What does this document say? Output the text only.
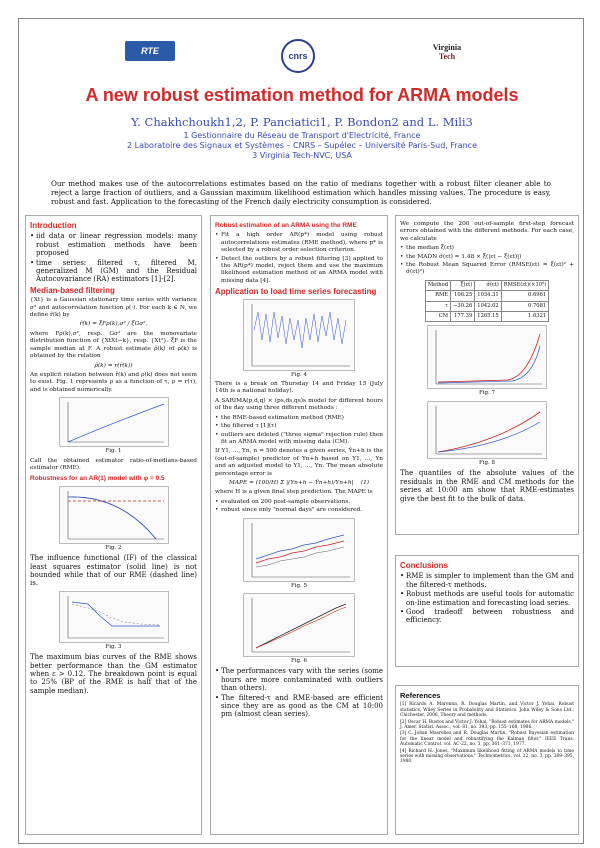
RTE	cnrs
Virginia
Tech
A new robust estimation method for ARMA models
Y. Chakhchoukh1,2, P. Panciatici1, P. Bondon2 and L. Mili3
1 Gestionnaire du Réseau de Transport d'Electricité, France
2 Laboratoire des Signaux et Systèmes – CNRS – Supélec – Université Paris-Sud, France
3 Virginia Tech-NVC, USA
Our method makes use of the autocorrelations estimates based on the ratio of medians together with a robust filter cleaner able to reject a large fraction of outliers, and a Gaussian maximum likelihood estimation which handles missing values. The procedure is easy, robust and fast. Application to the forecasting of the French daily electricity consumption is considered.
Introduction
• iid data or linear regression models: many robust estimation methods have been proposed
• time series: filtered τ, filtered M, generalized M (GM) and the Residual Autocovariance (RA) estimators [1]-[2].
Median-based filtering

{Xt} is a Gaussian stationary time series with variance σ² and autocorrelation function ρ(·). For each k ∈ N, we define r̃(k) by

r̃(k) = ξ̃Fρ(k),σ² / ξ̃Gσ²,

where Fρ(k),σ², resp. Gσ² are the monovariate distribution function of {XtXt−k}, resp. {Xt²}. ξ̃F is the sample median at F. A robust estimate ρ̂(k) of ρ(k) is obtained by the relation

ρ̂(k) = r(r̃(k))

An explicit relation between r̃(k) and ρ(k) does not seem to exist. Fig. 1 represents ρ as a function of τ, ρ = r(τ), and is obtained numerically.

Fig. 1

Call the obtained estimator ratio-of-medians-based estimator (RME).

Robustness for an AR(1) model with φ = 0.5
Fig. 2

The influence functional (IF) of the classical least squares estimator (solid line) is not bounded while that of our RME (dashed line) is.

Fig. 3

The maximum bias curves of the RME shows better performance than the GM estimator when ε > 0.12. The breakdown point is equal to 25% (BP of the RME is half that of the sample median).

Robust estimation of an ARMA using the RME
• Fit a high order AR(p*) model using robust autocorrelations estimates (RME method), where p* is selected by a robust order selection criterion.
• Detect the outliers by a robust filtering [3] applied to the AR(p*) model, reject them and use the maximum likelihood estimation method of an ARMA model with missing data [4].
Application to load time series forecasting
Fig. 4

There is a break on Thursday 14 and Friday 15 (July 14th is a national holiday).

A SARIMA(p,d,q) × (ps,ds,qs)s model for different hours of the day using three different methods :

• the RME-based estimation method (RME)
• the filtered τ [1](τ)
• outliers are deleted ("three sigma" rejection rule) then fit an ARMA model with missing data (CM).

If Y1, ..., Yn, n = 500 denotes a given series, Ŷn+h is the (out-of-sample) predictor of Yn+h based on Y1, ..., Yn and an adjusted model to Y1, ..., Yn. The mean absolute percentage error is

MAPE = (100/H) Σ |(Yn+h − Ŷn+h)/Yn+h| (1)

where H is a given final step prediction. The MAPE is

• evaluated on 200 post-sample observations.
• robust since only "normal days" are considered.
Fig. 5
Fig. 6
• The performances vary with the series (some hours are more contaminated with outliers than others).
• The filtered-τ and RME-based are efficient since they are as good as the CM at 10:00 pm (almost clean series).

We compute the 200 out-of-sample first-step forecast errors obtained with the different methods. For each case, we calculate

• the median ξ̃(εt)
• the MADN σ̃(εt) = 1.48 × ξ̃(|εt − ξ̃(εt)|)
• the Robust Mean Squared Error (RMSE(εt) = ξ̃(εt)² + σ̃(εt)²)
Method	ξ̃(εt)	σ̃(εt)	RMSE(εt)(×10⁶)
RME	106.25	1034.31	0.6961
τ	−30.26	1042.02	0.7081
CM	177.39	1265.15	1.6321
Fig. 7
Fig. 8

The quantiles of the absolute values of the residuals in the RME and CM methods for the series at 10:00 am show that RME-estimates give the best fit to the bulk of data.

Conclusions
• RME is simpler to implement than the GM and the filtered-τ methods.
• Robust methods are useful tools for automatic on-line estimation and forecasting load series.
• Good tradeoff between robustness and efficiency.
References
[1] Ricardo A. Maronna, R. Douglas Martin, and Victor J. Yohai, Robust statistics, Wiley Series in Probability and Statistics. John Wiley & Sons Ltd., Chichester, 2006, Theory and methods.
[2] Oscar H. Bustos and Victor J. Yohai, "Robust estimates for ARMA models," J. Amer. Statist. Assoc., vol. 81, no. 393, pp. 155–168, 1986.
[3] C. Johan Masreliez and R. Douglas Martin, "Robust Bayesian estimation for the linear model and robustifying the Kalman filter," IEEE Trans. Automatic Control, vol. AC-22, no. 3, pp. 361–371, 1977.
[4] Richard H. Jones, "Maximum likelihood fitting of ARMA models to time series with missing observations," Technometrics, vol. 22, no. 3, pp. 389–395, 1980.
